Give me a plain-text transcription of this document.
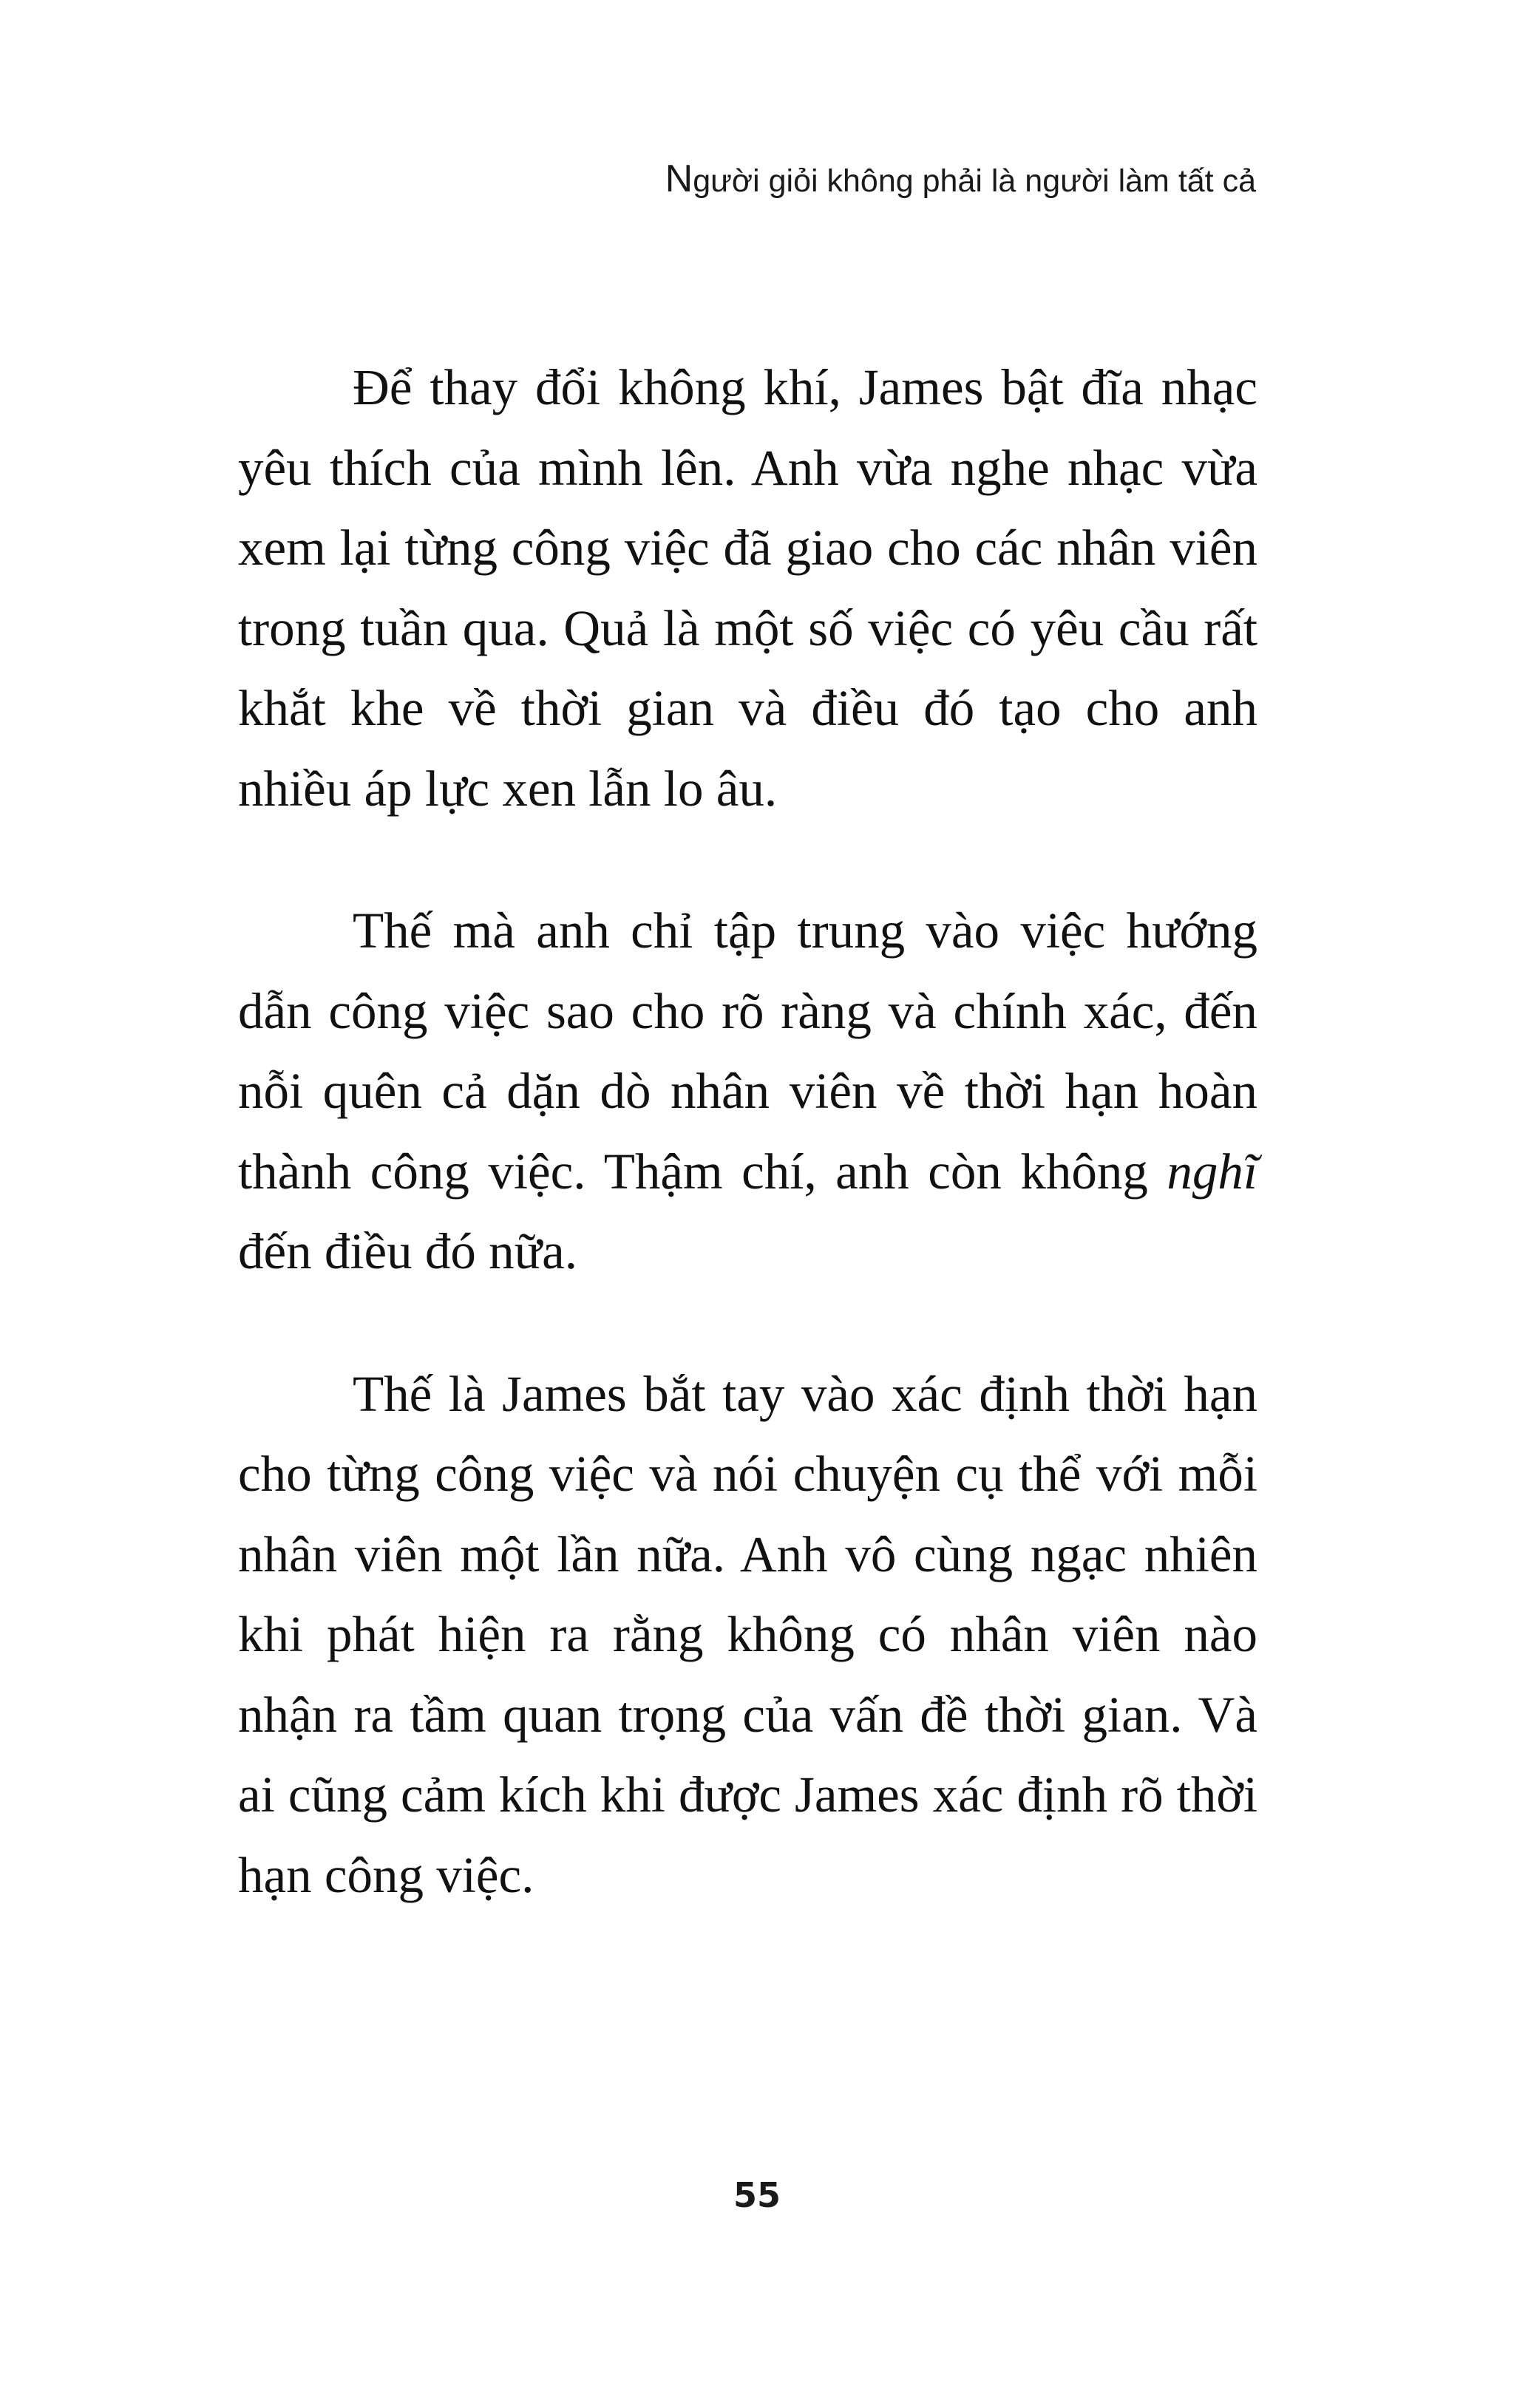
Người giỏi không phải là người làm tất cả

Để thay đổi không khí, James bật đĩa nhạc yêu thích của mình lên. Anh vừa nghe nhạc vừa xem lại từng công việc đã giao cho các nhân viên trong tuần qua. Quả là một số việc có yêu cầu rất khắt khe về thời gian và điều đó tạo cho anh nhiều áp lực xen lẫn lo âu.

Thế mà anh chỉ tập trung vào việc hướng dẫn công việc sao cho rõ ràng và chính xác, đến nỗi quên cả dặn dò nhân viên về thời hạn hoàn thành công việc. Thậm chí, anh còn không nghĩ đến điều đó nữa.

Thế là James bắt tay vào xác định thời hạn cho từng công việc và nói chuyện cụ thể với mỗi nhân viên một lần nữa. Anh vô cùng ngạc nhiên khi phát hiện ra rằng không có nhân viên nào nhận ra tầm quan trọng của vấn đề thời gian. Và ai cũng cảm kích khi được James xác định rõ thời hạn công việc.

55
